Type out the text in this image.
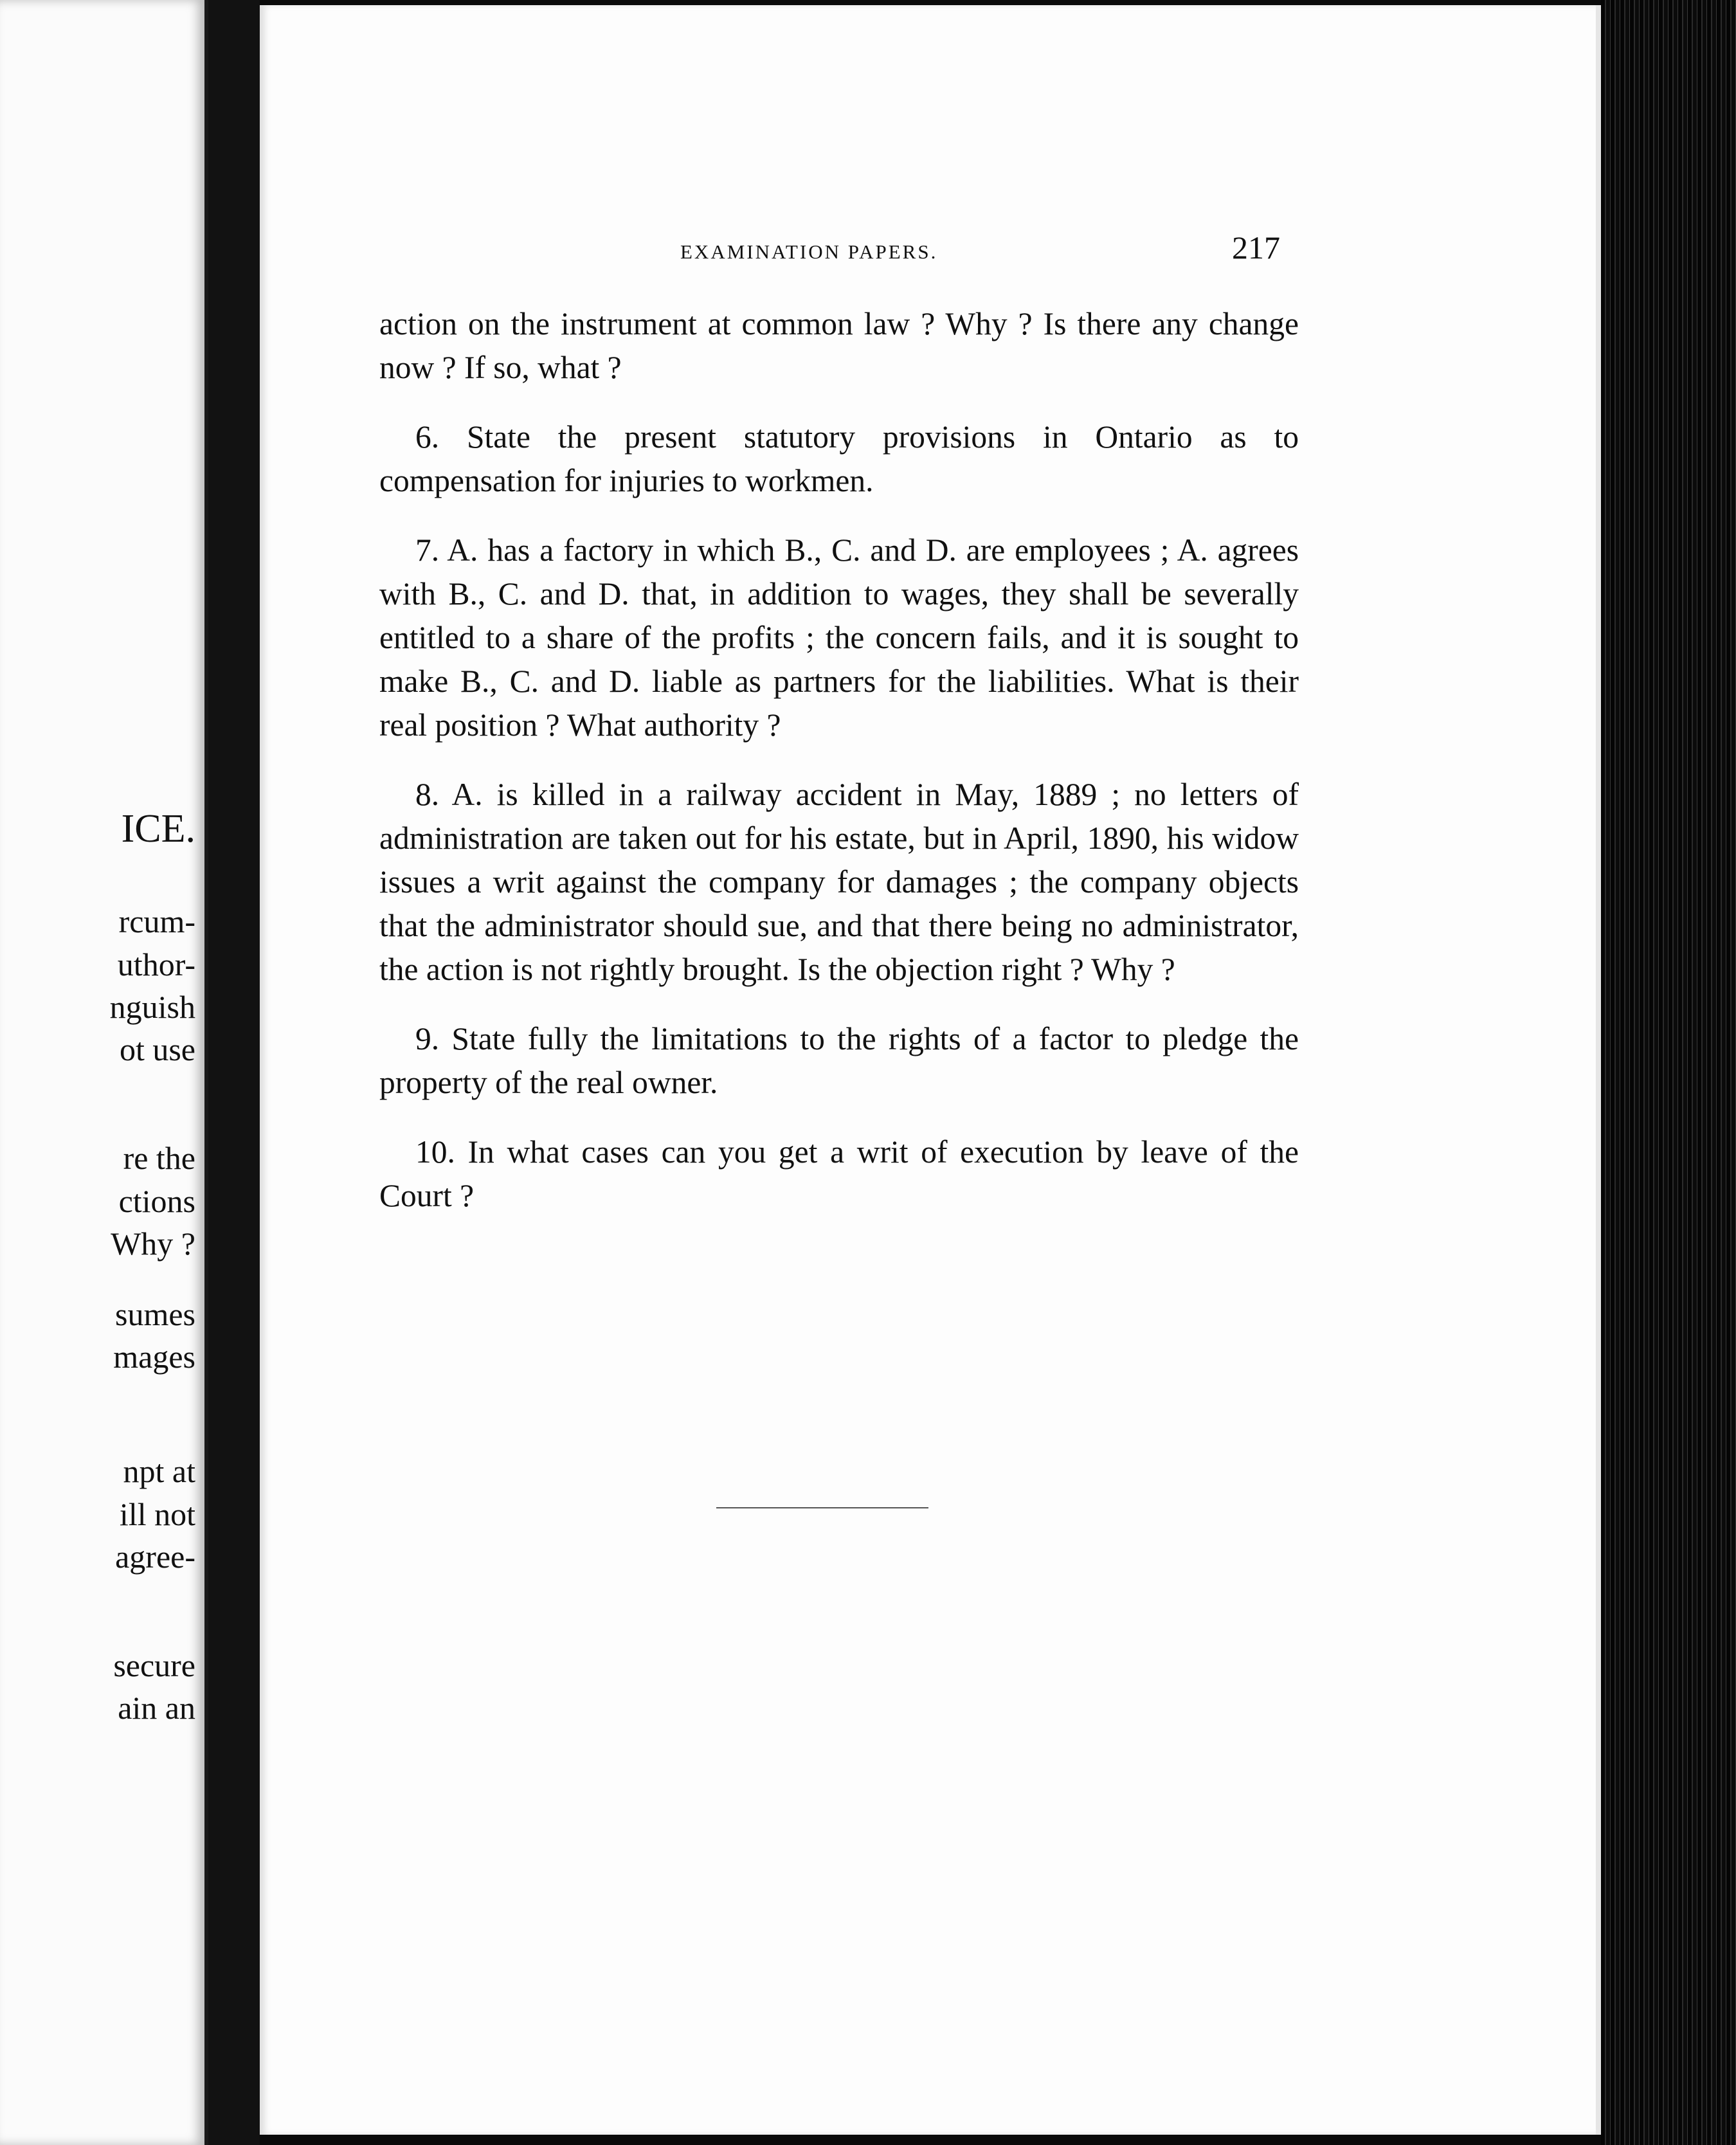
ICE.
rcum-
uthor-
nguish
ot use
re the
ctions
Why ?
sumes
mages
npt at
ill not
agree-
secure
ain an
EXAMINATION PAPERS.	217

action on the instrument at common law ? Why ? Is there any change now ? If so, what ?

6. State the present statutory provisions in Ontario as to compensation for injuries to workmen.

7. A. has a factory in which B., C. and D. are employees ; A. agrees with B., C. and D. that, in addition to wages, they shall be severally entitled to a share of the profits ; the concern fails, and it is sought to make B., C. and D. liable as partners for the liabilities. What is their real position ? What authority ?

8. A. is killed in a railway accident in May, 1889 ; no letters of administration are taken out for his estate, but in April, 1890, his widow issues a writ against the company for damages ; the company objects that the administrator should sue, and that there being no administrator, the action is not rightly brought. Is the objection right ? Why ?

9. State fully the limitations to the rights of a factor to pledge the property of the real owner.

10. In what cases can you get a writ of execution by leave of the Court ?
